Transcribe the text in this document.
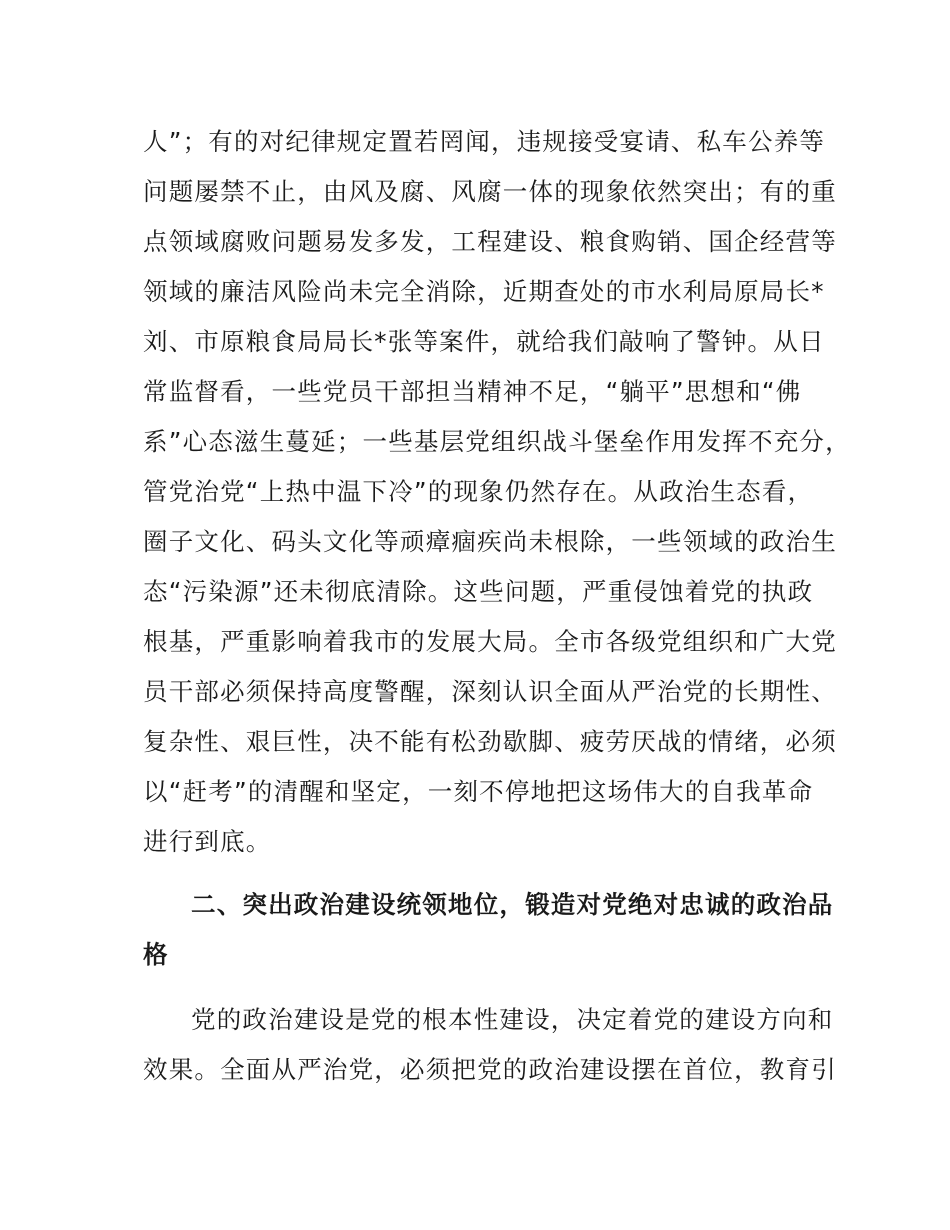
人”；有的对纪律规定置若罔闻，违规接受宴请、私车公养等
问题屡禁不止，由风及腐、风腐一体的现象依然突出；有的重
点领域腐败问题易发多发，工程建设、粮食购销、国企经营等
领域的廉洁风险尚未完全消除，近期查处的市水利局原局长*
刘、市原粮食局局长*张等案件，就给我们敲响了警钟。从日
常监督看，一些党员干部担当精神不足，“躺平”思想和“佛
系”心态滋生蔓延；一些基层党组织战斗堡垒作用发挥不充分，
管党治党“上热中温下冷”的现象仍然存在。从政治生态看，
圈子文化、码头文化等顽瘴痼疾尚未根除，一些领域的政治生
态“污染源”还未彻底清除。这些问题，严重侵蚀着党的执政
根基，严重影响着我市的发展大局。全市各级党组织和广大党
员干部必须保持高度警醒，深刻认识全面从严治党的长期性、
复杂性、艰巨性，决不能有松劲歇脚、疲劳厌战的情绪，必须
以“赶考”的清醒和坚定，一刻不停地把这场伟大的自我革命
进行到底。
二、突出政治建设统领地位，锻造对党绝对忠诚的政治品
格
党的政治建设是党的根本性建设，决定着党的建设方向和
效果。全面从严治党，必须把党的政治建设摆在首位，教育引
